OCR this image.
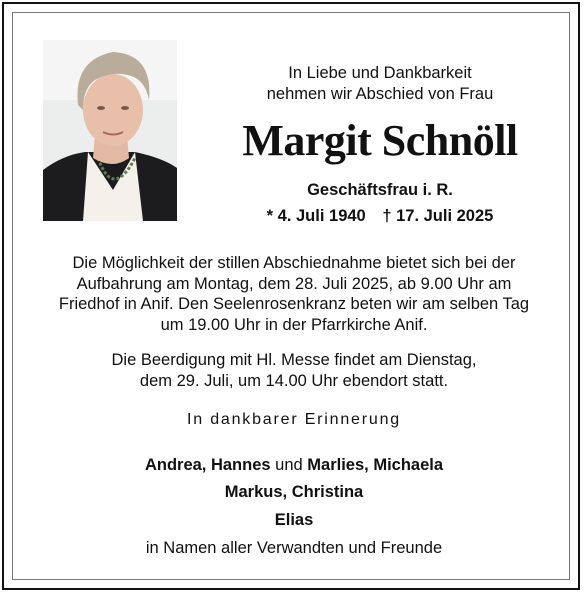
In Liebe und Dankbarkeit
nehmen wir Abschied von Frau
Margit Schnöll
Geschäftsfrau i. R.
* 4. Juli 1940 † 17. Juli 2025
Die Möglichkeit der stillen Abschiednahme bietet sich bei der
Aufbahrung am Montag, dem 28. Juli 2025, ab 9.00 Uhr am
Friedhof in Anif. Den Seelenrosenkranz beten wir am selben Tag
um 19.00 Uhr in der Pfarrkirche Anif.
Die Beerdigung mit Hl. Messe findet am Dienstag,
dem 29. Juli, um 14.00 Uhr ebendort statt.
In dankbarer Erinnerung
Andrea, Hannes und Marlies, Michaela
Markus, Christina
Elias
in Namen aller Verwandten und Freunde
